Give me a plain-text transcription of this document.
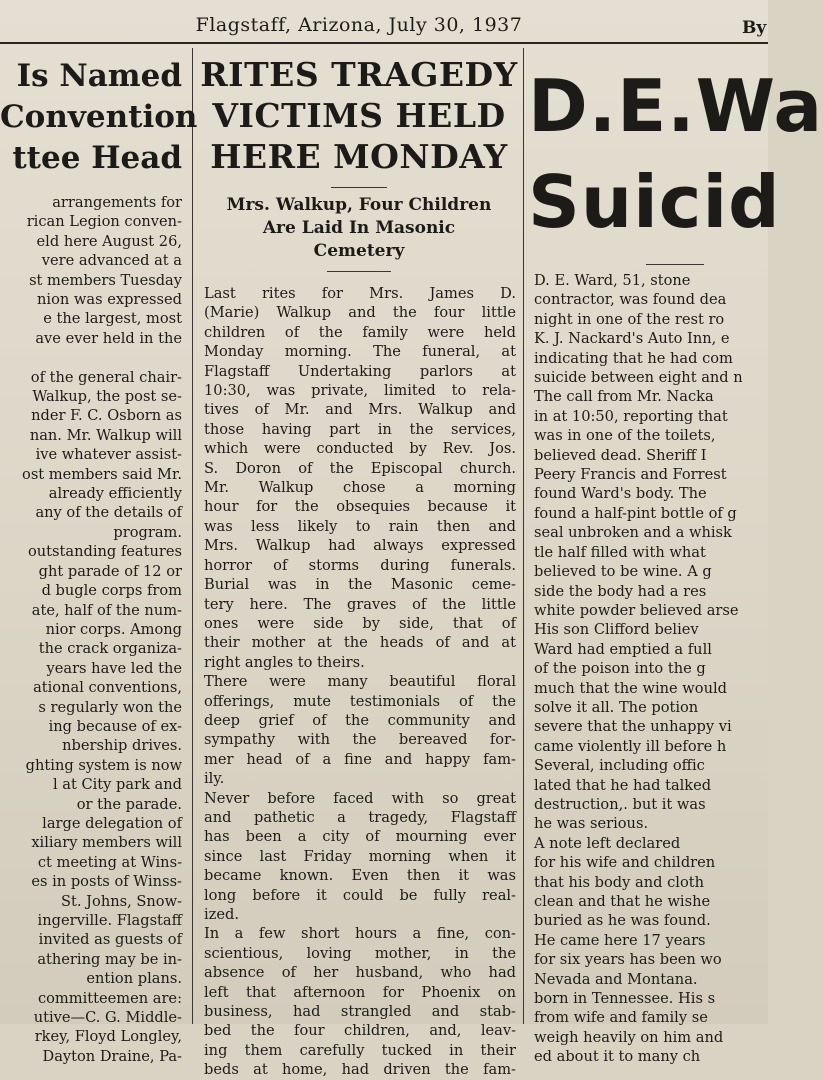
Flagstaff, Arizona, July 30, 1937	By
Is Named
Convention
ttee Head
arrangements for
rican Legion conven-
eld here August 26,
vere advanced at a
st members Tuesday
nion was expressed
e the largest, most
ave ever held in the
of the general chair-
Walkup, the post se-
nder F. C. Osborn as
nan. Mr. Walkup will
ive whatever assist-
ost members said Mr.
already efficiently
any of the details of
program.
outstanding features
ght parade of 12 or
d bugle corps from
ate, half of the num-
nior corps. Among
the crack organiza-
years have led the
ational conventions,
s regularly won the
ing because of ex-
nbership drives.
ghting system is now
l at City park and
or the parade.
large delegation of
xiliary members will
ct meeting at Wins-
es in posts of Winss-
St. Johns, Snow-
ingerville. Flagstaff
invited as guests of
athering may be in-
ention plans.
committeemen are:
utive—C. G. Middle-
rkey, Floyd Longley,
Dayton Draine, Pa-
RITES TRAGEDY
VICTIMS HELD
HERE MONDAY
Mrs. Walkup, Four Children
Are Laid In Masonic
Cemetery
Last rites for Mrs. James D.
(Marie) Walkup and the four little
children of the family were held
Monday morning. The funeral, at
Flagstaff Undertaking parlors at
10:30, was private, limited to rela-
tives of Mr. and Mrs. Walkup and
those having part in the services,
which were conducted by Rev. Jos.
S. Doron of the Episcopal church.
Mr. Walkup chose a morning
hour for the obsequies because it
was less likely to rain then and
Mrs. Walkup had always expressed
horror of storms during funerals.
Burial was in the Masonic ceme-
tery here. The graves of the little
ones were side by side, that of
their mother at the heads of and at
right angles to theirs.
There were many beautiful floral
offerings, mute testimonials of the
deep grief of the community and
sympathy with the bereaved for-
mer head of a fine and happy fam-
ily.
Never before faced with so great
and pathetic a tragedy, Flagstaff
has been a city of mourning ever
since last Friday morning when it
became known. Even then it was
long before it could be fully real-
ized.
In a few short hours a fine, con-
scientious, loving mother, in the
absence of her husband, who had
left that afternoon for Phoenix on
business, had strangled and stab-
bed the four children, and, leav-
ing them carefully tucked in their
beds at home, had driven the fam-
D.E.Wa
Suicid
D. E. Ward, 51, stone
contractor, was found dea
night in one of the rest ro
K. J. Nackard's Auto Inn, e
indicating that he had com
suicide between eight and n
The call from Mr. Nacka
in at 10:50, reporting that
was in one of the toilets,
believed dead. Sheriff I
Peery Francis and Forrest
found Ward's body. The
found a half-pint bottle of g
seal unbroken and a whisk
tle half filled with what
believed to be wine. A g
side the body had a res
white powder believed arse
His son Clifford believ
Ward had emptied a full
of the poison into the g
much that the wine would
solve it all. The potion
severe that the unhappy vi
came violently ill before h
Several, including offic
lated that he had talked
destruction,. but it was
he was serious.
A note left declared
for his wife and children
that his body and cloth
clean and that he wishe
buried as he was found.
He came here 17 years
for six years has been wo
Nevada and Montana.
born in Tennessee. His s
from wife and family se
weigh heavily on him and
ed about it to many ch
